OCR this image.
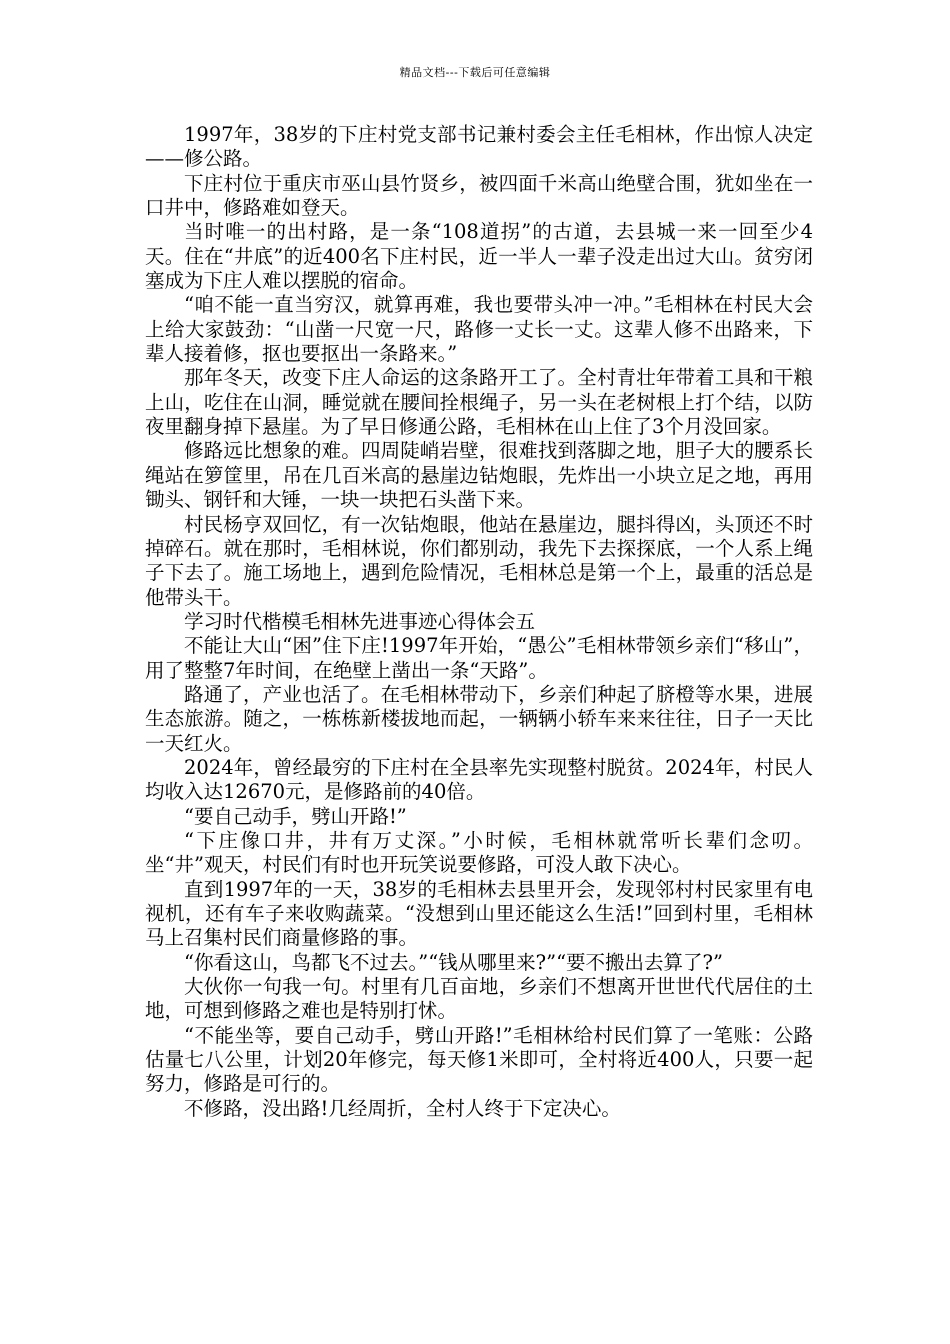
精品文档---下载后可任意编辑

1997年，38岁的下庄村党支部书记兼村委会主任毛相林，作出惊人决定——修公路。

下庄村位于重庆市巫山县竹贤乡，被四面千米高山绝壁合围，犹如坐在一口井中，修路难如登天。

当时唯一的出村路，是一条“108道拐”的古道，去县城一来一回至少4天。住在“井底”的近400名下庄村民，近一半人一辈子没走出过大山。贫穷闭塞成为下庄人难以摆脱的宿命。

“咱不能一直当穷汉，就算再难，我也要带头冲一冲。”毛相林在村民大会上给大家鼓劲：“山凿一尺宽一尺，路修一丈长一丈。这辈人修不出路来，下辈人接着修，抠也要抠出一条路来。”

那年冬天，改变下庄人命运的这条路开工了。全村青壮年带着工具和干粮上山，吃住在山洞，睡觉就在腰间拴根绳子，另一头在老树根上打个结，以防夜里翻身掉下悬崖。为了早日修通公路，毛相林在山上住了3个月没回家。

修路远比想象的难。四周陡峭岩壁，很难找到落脚之地，胆子大的腰系长绳站在箩筐里，吊在几百米高的悬崖边钻炮眼，先炸出一小块立足之地，再用锄头、钢钎和大锤，一块一块把石头凿下来。

村民杨亨双回忆，有一次钻炮眼，他站在悬崖边，腿抖得凶，头顶还不时掉碎石。就在那时，毛相林说，你们都别动，我先下去探探底，一个人系上绳子下去了。施工场地上，遇到危险情况，毛相林总是第一个上，最重的活总是他带头干。

学习时代楷模毛相林先进事迹心得体会五

不能让大山“困”住下庄!1997年开始，“愚公”毛相林带领乡亲们“移山”，用了整整7年时间，在绝壁上凿出一条“天路”。

路通了，产业也活了。在毛相林带动下，乡亲们种起了脐橙等水果，进展生态旅游。随之，一栋栋新楼拔地而起，一辆辆小轿车来来往往，日子一天比一天红火。

2024年，曾经最穷的下庄村在全县率先实现整村脱贫。2024年，村民人均收入达12670元，是修路前的40倍。

“要自己动手，劈山开路!”

“下庄像口井，井有万丈深。”小时候，毛相林就常听长辈们念叨。坐“井”观天，村民们有时也开玩笑说要修路，可没人敢下决心。

直到1997年的一天，38岁的毛相林去县里开会，发现邻村村民家里有电视机，还有车子来收购蔬菜。“没想到山里还能这么生活!”回到村里，毛相林马上召集村民们商量修路的事。

“你看这山，鸟都飞不过去。”“钱从哪里来?”“要不搬出去算了?”

大伙你一句我一句。村里有几百亩地，乡亲们不想离开世世代代居住的土地，可想到修路之难也是特别打怵。

“不能坐等，要自己动手，劈山开路!”毛相林给村民们算了一笔账：公路估量七八公里，计划20年修完，每天修1米即可，全村将近400人，只要一起努力，修路是可行的。

不修路，没出路!几经周折，全村人终于下定决心。
